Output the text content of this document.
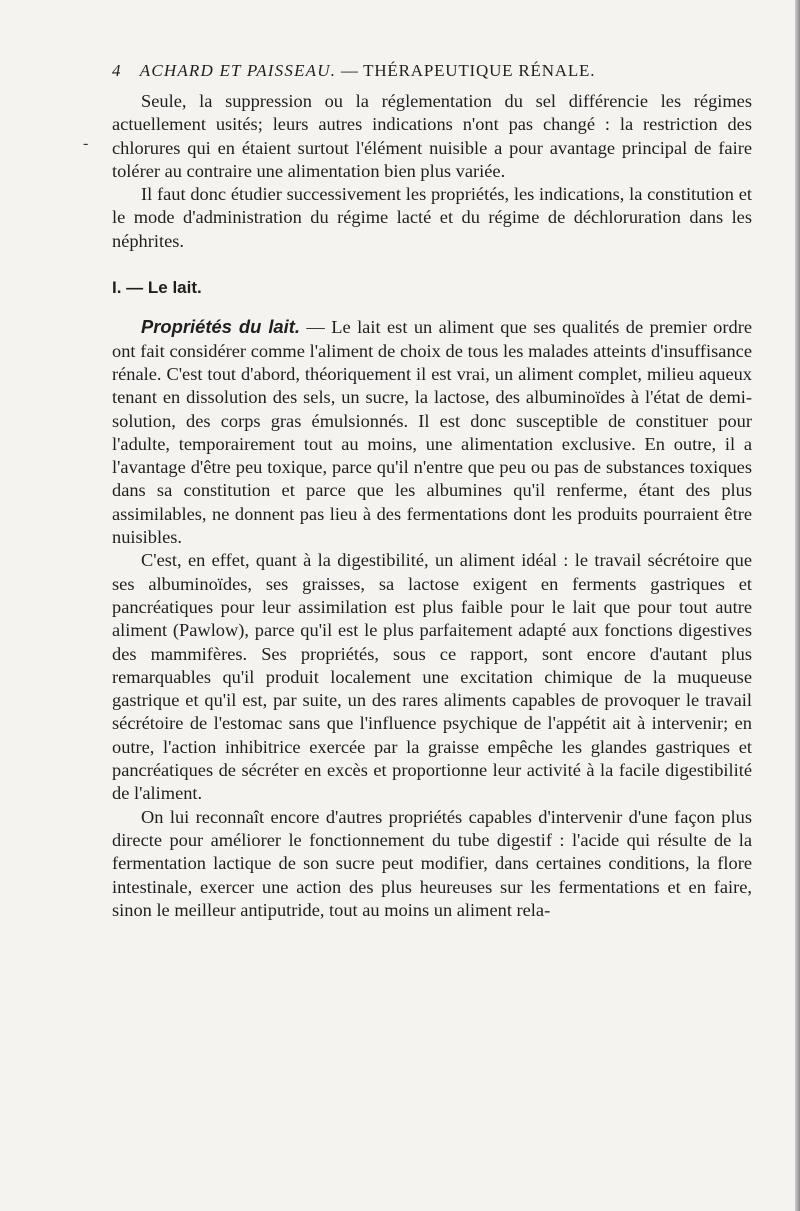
4 ACHARD ET PAISSEAU. — THÉRAPEUTIQUE RÉNALE.
-

Seule, la suppression ou la réglementation du sel différencie les régimes actuellement usités; leurs autres indications n'ont pas changé : la restriction des chlorures qui en étaient surtout l'élément nuisible a pour avantage principal de faire tolérer au contraire une alimentation bien plus variée.

Il faut donc étudier successivement les propriétés, les indications, la constitution et le mode d'administration du régime lacté et du régime de déchloruration dans les néphrites.

I. — Le lait.

Propriétés du lait. — Le lait est un aliment que ses qualités de premier ordre ont fait considérer comme l'aliment de choix de tous les malades atteints d'insuffisance rénale. C'est tout d'abord, théoriquement il est vrai, un aliment complet, milieu aqueux tenant en dissolution des sels, un sucre, la lactose, des albuminoïdes à l'état de demi-solution, des corps gras émulsionnés. Il est donc susceptible de constituer pour l'adulte, temporairement tout au moins, une alimentation exclusive. En outre, il a l'avantage d'être peu toxique, parce qu'il n'entre que peu ou pas de substances toxiques dans sa constitution et parce que les albumines qu'il renferme, étant des plus assimilables, ne donnent pas lieu à des fermentations dont les produits pourraient être nuisibles.

C'est, en effet, quant à la digestibilité, un aliment idéal : le travail sécrétoire que ses albuminoïdes, ses graisses, sa lactose exigent en ferments gastriques et pancréatiques pour leur assimilation est plus faible pour le lait que pour tout autre aliment (Pawlow), parce qu'il est le plus parfaitement adapté aux fonctions digestives des mammifères. Ses propriétés, sous ce rapport, sont encore d'autant plus remarquables qu'il produit localement une excitation chimique de la muqueuse gastrique et qu'il est, par suite, un des rares aliments capables de provoquer le travail sécrétoire de l'estomac sans que l'influence psychique de l'appétit ait à intervenir; en outre, l'action inhibitrice exercée par la graisse empêche les glandes gastriques et pancréatiques de sécréter en excès et proportionne leur activité à la facile digestibilité de l'aliment.

On lui reconnaît encore d'autres propriétés capables d'intervenir d'une façon plus directe pour améliorer le fonctionnement du tube digestif : l'acide qui résulte de la fermentation lactique de son sucre peut modifier, dans certaines conditions, la flore intestinale, exercer une action des plus heureuses sur les fermentations et en faire, sinon le meilleur antiputride, tout au moins un aliment rela-
